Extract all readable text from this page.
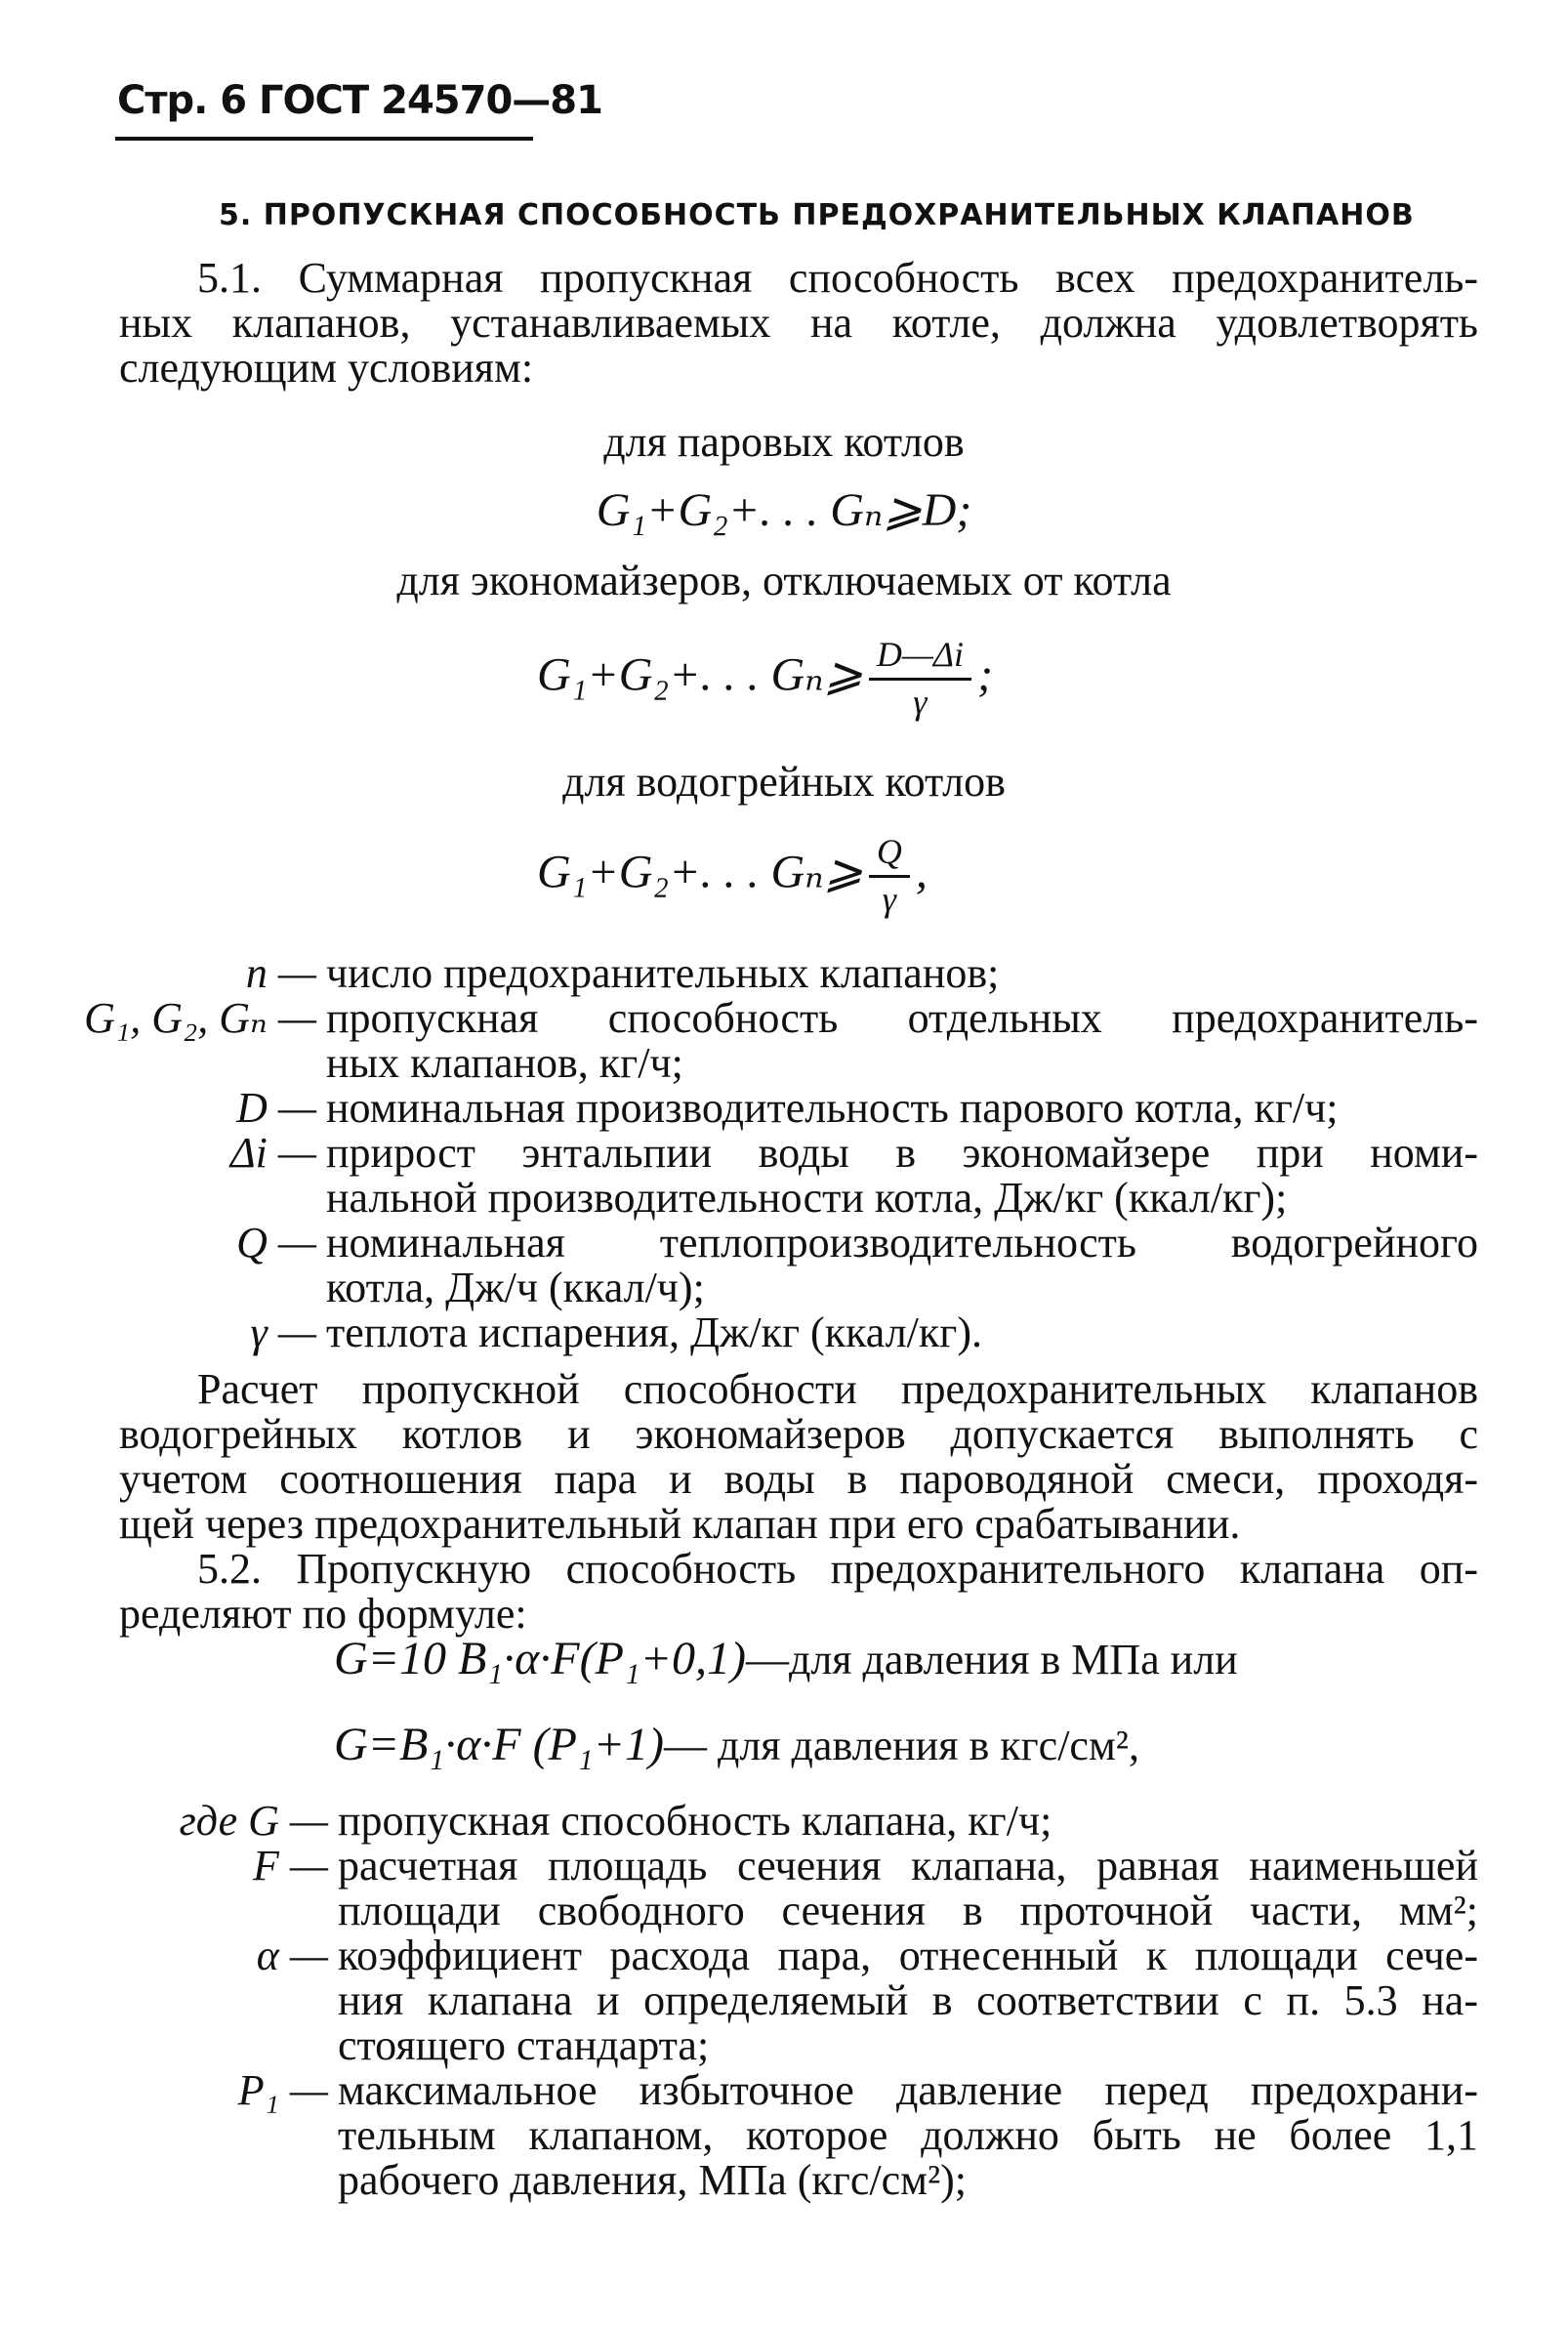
Стр. 6 ГОСТ 24570—81
5. ПРОПУСКНАЯ СПОСОБНОСТЬ ПРЕДОХРАНИТЕЛЬНЫХ КЛАПАНОВ
5.1. Суммарная пропускная способность всех предохранитель-
ных клапанов, устанавливаемых на котле, должна удовлетворять
следующим условиям:
для паровых котлов
G₁+G₂+. . . Gₙ⩾D;
для экономайзеров, отключаемых от котла
G₁+G₂+. . . Gₙ⩾ $\frac{D—\Delta i}{\gamma}$ ;
для водогрейных котлов
G₁+G₂+. . . Gₙ⩾ $\frac{Q}{\gamma}$ ,
n — число предохранительных клапанов;
G₁, G₂, Gₙ — пропускная способность отдельных предохранитель-
ных клапанов, кг/ч;
D — номинальная производительность парового котла, кг/ч;
Δi — прирост энтальпии воды в экономайзере при номи-
нальной производительности котла, Дж/кг (ккал/кг);
Q — номинальная теплопроизводительность водогрейного
котла, Дж/ч (ккал/ч);
γ — теплота испарения, Дж/кг (ккал/кг).
Расчет пропускной способности предохранительных клапанов
водогрейных котлов и экономайзеров допускается выполнять с
учетом соотношения пара и воды в пароводяной смеси, проходя-
щей через предохранительный клапан при его срабатывании.
5.2. Пропускную способность предохранительного клапана оп-
ределяют по формуле:
G=10 B₁·α·F(P₁+0,1)—для давления в МПа или
G=B₁·α·F (P₁+1)— для давления в кгс/см²,
где G — пропускная способность клапана, кг/ч;
F — расчетная площадь сечения клапана, равная наименьшей
площади свободного сечения в проточной части, мм²;
α — коэффициент расхода пара, отнесенный к площади сече-
ния клапана и определяемый в соответствии с п. 5.3 на-
стоящего стандарта;
P₁ — максимальное избыточное давление перед предохрани-
тельным клапаном, которое должно быть не более 1,1
рабочего давления, МПа (кгс/см²);
